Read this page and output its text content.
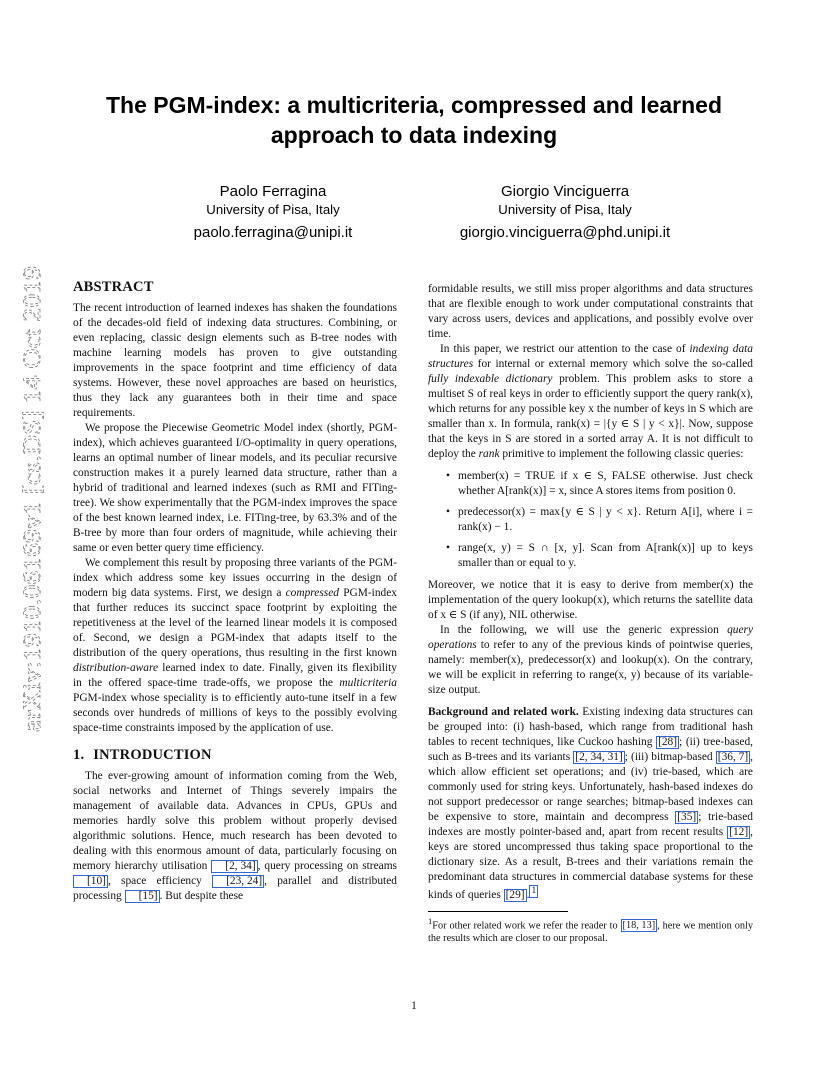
arXiv:1910.06169v1 [cs.DS] 14 Oct 2019
The PGM-index: a multicriteria, compressed and learned
approach to data indexing
Paolo Ferragina
University of Pisa, Italy
paolo.ferragina@unipi.it
Giorgio Vinciguerra
University of Pisa, Italy
giorgio.vinciguerra@phd.unipi.it
ABSTRACT

The recent introduction of learned indexes has shaken the foundations of the decades-old field of indexing data structures. Combining, or even replacing, classic design elements such as B-tree nodes with machine learning models has proven to give outstanding improvements in the space footprint and time efficiency of data systems. However, these novel approaches are based on heuristics, thus they lack any guarantees both in their time and space requirements.

We propose the Piecewise Geometric Model index (shortly, PGM-index), which achieves guaranteed I/O-optimality in query operations, learns an optimal number of linear models, and its peculiar recursive construction makes it a purely learned data structure, rather than a hybrid of traditional and learned indexes (such as RMI and FITing-tree). We show experimentally that the PGM-index improves the space of the best known learned index, i.e. FITing-tree, by 63.3% and of the B-tree by more than four orders of magnitude, while achieving their same or even better query time efficiency.

We complement this result by proposing three variants of the PGM-index which address some key issues occurring in the design of modern big data systems. First, we design a compressed PGM-index that further reduces its succinct space footprint by exploiting the repetitiveness at the level of the learned linear models it is composed of. Second, we design a PGM-index that adapts itself to the distribution of the query operations, thus resulting in the first known distribution-aware learned index to date. Finally, given its flexibility in the offered space-time trade-offs, we propose the multicriteria PGM-index whose speciality is to efficiently auto-tune itself in a few seconds over hundreds of millions of keys to the possibly evolving space-time constraints imposed by the application of use.

1. INTRODUCTION

The ever-growing amount of information coming from the Web, social networks and Internet of Things severely impairs the management of available data. Advances in CPUs, GPUs and memories hardly solve this problem without properly devised algorithmic solutions. Hence, much research has been devoted to dealing with this enormous amount of data, particularly focusing on memory hierarchy utilisation [2, 34] , query processing on streams [10] , space efficiency [23, 24] , parallel and distributed processing [15] . But despite these

formidable results, we still miss proper algorithms and data structures that are flexible enough to work under computational constraints that vary across users, devices and applications, and possibly evolve over time.

In this paper, we restrict our attention to the case of indexing data structures for internal or external memory which solve the so-called fully indexable dictionary problem. This problem asks to store a multiset S of real keys in order to efficiently support the query rank(x), which returns for any possible key x the number of keys in S which are smaller than x. In formula, rank(x) = |{y ∈ S | y < x}|. Now, suppose that the keys in S are stored in a sorted array A. It is not difficult to deploy the rank primitive to implement the following classic queries:

• member(x) = TRUE if x ∈ S, FALSE otherwise. Just check whether A[rank(x)] = x, since A stores items from position 0.
• predecessor(x) = max{y ∈ S | y < x}. Return A[i], where i = rank(x) − 1.
• range(x, y) = S ∩ [x, y]. Scan from A[rank(x)] up to keys smaller than or equal to y.

Moreover, we notice that it is easy to derive from member(x) the implementation of the query lookup(x), which returns the satellite data of x ∈ S (if any), NIL otherwise.

In the following, we will use the generic expression query operations to refer to any of the previous kinds of pointwise queries, namely: member(x), predecessor(x) and lookup(x). On the contrary, we will be explicit in referring to range(x, y) because of its variable-size output.

Background and related work. Existing indexing data structures can be grouped into: (i) hash-based, which range from traditional hash tables to recent techniques, like Cuckoo hashing [28] ; (ii) tree-based, such as B-trees and its variants [2, 34, 31] ; (iii) bitmap-based [36, 7] , which allow efficient set operations; and (iv) trie-based, which are commonly used for string keys. Unfortunately, hash-based indexes do not support predecessor or range searches; bitmap-based indexes can be expensive to store, maintain and decompress [35] ; trie-based indexes are mostly pointer-based and, apart from recent results [12] , keys are stored uncompressed thus taking space proportional to the dictionary size. As a result, B-trees and their variations remain the predominant data structures in commercial database systems for these kinds of queries [29] . $^1$

$^1$For other related work we refer the reader to [18, 13] , here we mention only the results which are closer to our proposal.

1
